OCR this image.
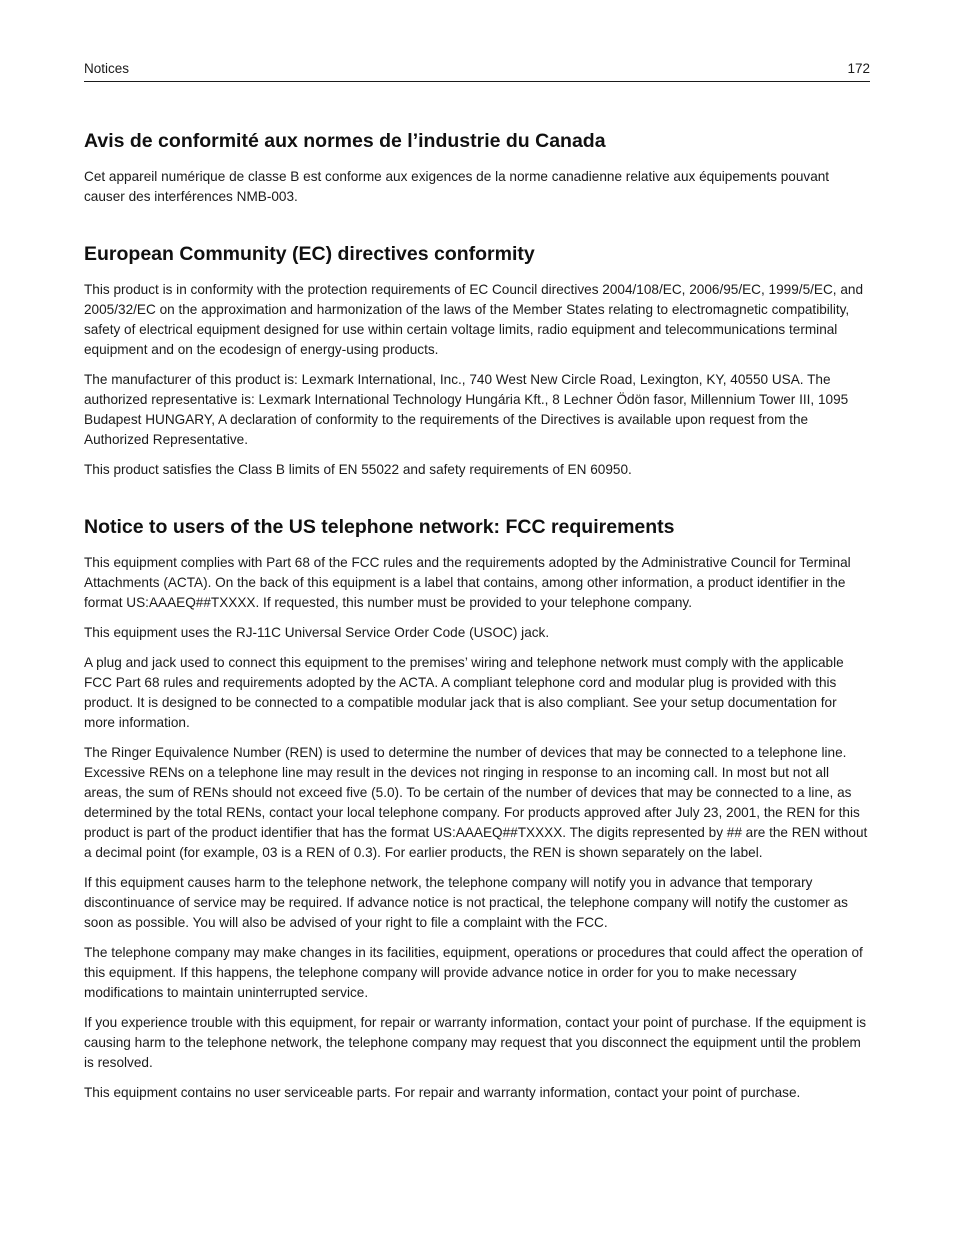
Notices	172
Avis de conformité aux normes de l’industrie du Canada

Cet appareil numérique de classe B est conforme aux exigences de la norme canadienne relative aux équipements pouvant causer des interférences NMB-003.

European Community (EC) directives conformity

This product is in conformity with the protection requirements of EC Council directives 2004/108/EC, 2006/95/EC, 1999/5/EC, and 2005/32/EC on the approximation and harmonization of the laws of the Member States relating to electromagnetic compatibility, safety of electrical equipment designed for use within certain voltage limits, radio equipment and telecommunications terminal equipment and on the ecodesign of energy-using products.

The manufacturer of this product is: Lexmark International, Inc., 740 West New Circle Road, Lexington, KY, 40550 USA. The authorized representative is: Lexmark International Technology Hungária Kft., 8 Lechner Ödön fasor, Millennium Tower III, 1095 Budapest HUNGARY, A declaration of conformity to the requirements of the Directives is available upon request from the Authorized Representative.

This product satisfies the Class B limits of EN 55022 and safety requirements of EN 60950.

Notice to users of the US telephone network: FCC requirements

This equipment complies with Part 68 of the FCC rules and the requirements adopted by the Administrative Council for Terminal Attachments (ACTA). On the back of this equipment is a label that contains, among other information, a product identifier in the format US:AAAEQ##TXXXX. If requested, this number must be provided to your telephone company.

This equipment uses the RJ-11C Universal Service Order Code (USOC) jack.

A plug and jack used to connect this equipment to the premises’ wiring and telephone network must comply with the applicable FCC Part 68 rules and requirements adopted by the ACTA. A compliant telephone cord and modular plug is provided with this product. It is designed to be connected to a compatible modular jack that is also compliant. See your setup documentation for more information.

The Ringer Equivalence Number (REN) is used to determine the number of devices that may be connected to a telephone line. Excessive RENs on a telephone line may result in the devices not ringing in response to an incoming call. In most but not all areas, the sum of RENs should not exceed five (5.0). To be certain of the number of devices that may be connected to a line, as determined by the total RENs, contact your local telephone company. For products approved after July 23, 2001, the REN for this product is part of the product identifier that has the format US:AAAEQ##TXXXX. The digits represented by ## are the REN without a decimal point (for example, 03 is a REN of 0.3). For earlier products, the REN is shown separately on the label.

If this equipment causes harm to the telephone network, the telephone company will notify you in advance that temporary discontinuance of service may be required. If advance notice is not practical, the telephone company will notify the customer as soon as possible. You will also be advised of your right to file a complaint with the FCC.

The telephone company may make changes in its facilities, equipment, operations or procedures that could affect the operation of this equipment. If this happens, the telephone company will provide advance notice in order for you to make necessary modifications to maintain uninterrupted service.

If you experience trouble with this equipment, for repair or warranty information, contact your point of purchase. If the equipment is causing harm to the telephone network, the telephone company may request that you disconnect the equipment until the problem is resolved.

This equipment contains no user serviceable parts. For repair and warranty information, contact your point of purchase.
